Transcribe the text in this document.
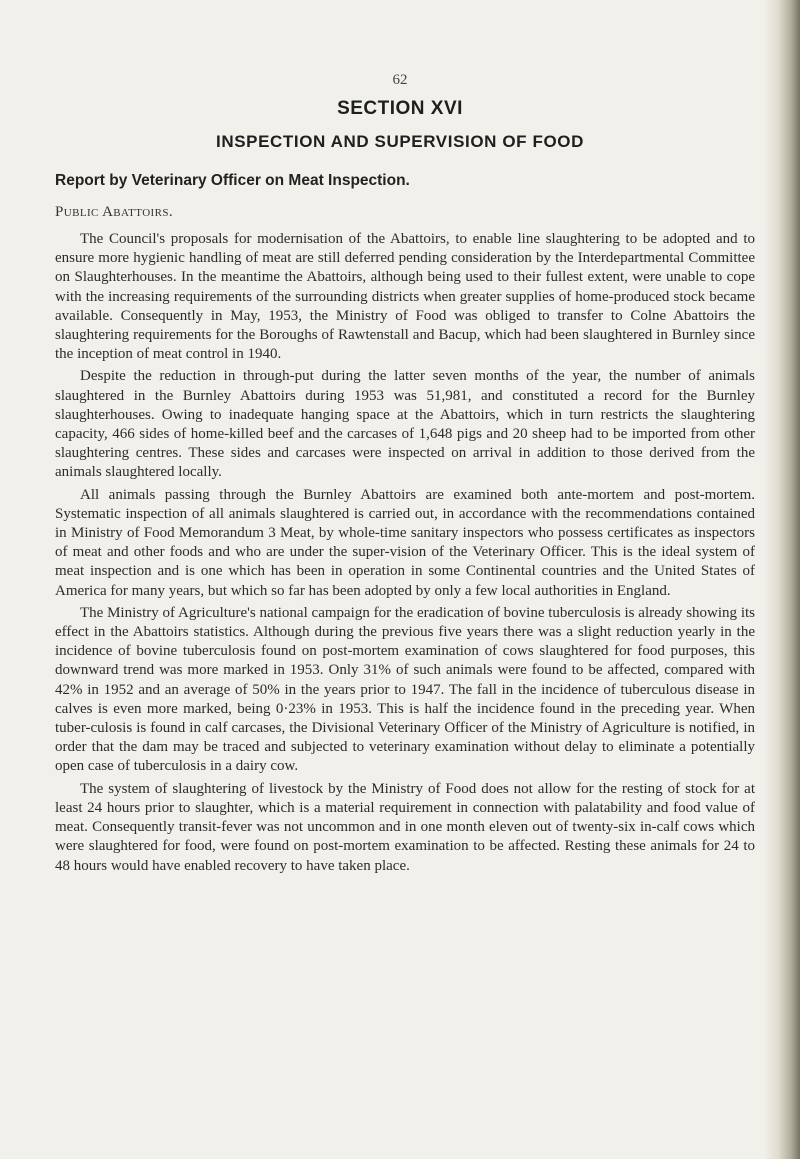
62
SECTION XVI
INSPECTION AND SUPERVISION OF FOOD
Report by Veterinary Officer on Meat Inspection.
Public Abattoirs.

The Council's proposals for modernisation of the Abattoirs, to enable line slaughtering to be adopted and to ensure more hygienic handling of meat are still deferred pending consideration by the Interdepartmental Committee on Slaughterhouses. In the meantime the Abattoirs, although being used to their fullest extent, were unable to cope with the increasing requirements of the surrounding districts when greater supplies of home-produced stock became available. Consequently in May, 1953, the Ministry of Food was obliged to transfer to Colne Abattoirs the slaughtering requirements for the Boroughs of Rawtenstall and Bacup, which had been slaughtered in Burnley since the inception of meat control in 1940.

Despite the reduction in through-put during the latter seven months of the year, the number of animals slaughtered in the Burnley Abattoirs during 1953 was 51,981, and constituted a record for the Burnley slaughterhouses. Owing to inadequate hanging space at the Abattoirs, which in turn restricts the slaughtering capacity, 466 sides of home-killed beef and the carcases of 1,648 pigs and 20 sheep had to be imported from other slaughtering centres. These sides and carcases were inspected on arrival in addition to those derived from the animals slaughtered locally.

All animals passing through the Burnley Abattoirs are examined both ante-mortem and post-mortem. Systematic inspection of all animals slaughtered is carried out, in accordance with the recommendations contained in Ministry of Food Memorandum 3 Meat, by whole-time sanitary inspectors who possess certificates as inspectors of meat and other foods and who are under the super-vision of the Veterinary Officer. This is the ideal system of meat inspection and is one which has been in operation in some Continental countries and the United States of America for many years, but which so far has been adopted by only a few local authorities in England.

The Ministry of Agriculture's national campaign for the eradication of bovine tuberculosis is already showing its effect in the Abattoirs statistics. Although during the previous five years there was a slight reduction yearly in the incidence of bovine tuberculosis found on post-mortem examination of cows slaughtered for food purposes, this downward trend was more marked in 1953. Only 31% of such animals were found to be affected, compared with 42% in 1952 and an average of 50% in the years prior to 1947. The fall in the incidence of tuberculous disease in calves is even more marked, being 0·23% in 1953. This is half the incidence found in the preceding year. When tuber-culosis is found in calf carcases, the Divisional Veterinary Officer of the Ministry of Agriculture is notified, in order that the dam may be traced and subjected to veterinary examination without delay to eliminate a potentially open case of tuberculosis in a dairy cow.

The system of slaughtering of livestock by the Ministry of Food does not allow for the resting of stock for at least 24 hours prior to slaughter, which is a material requirement in connection with palatability and food value of meat. Consequently transit-fever was not uncommon and in one month eleven out of twenty-six in-calf cows which were slaughtered for food, were found on post-mortem examination to be affected. Resting these animals for 24 to 48 hours would have enabled recovery to have taken place.
